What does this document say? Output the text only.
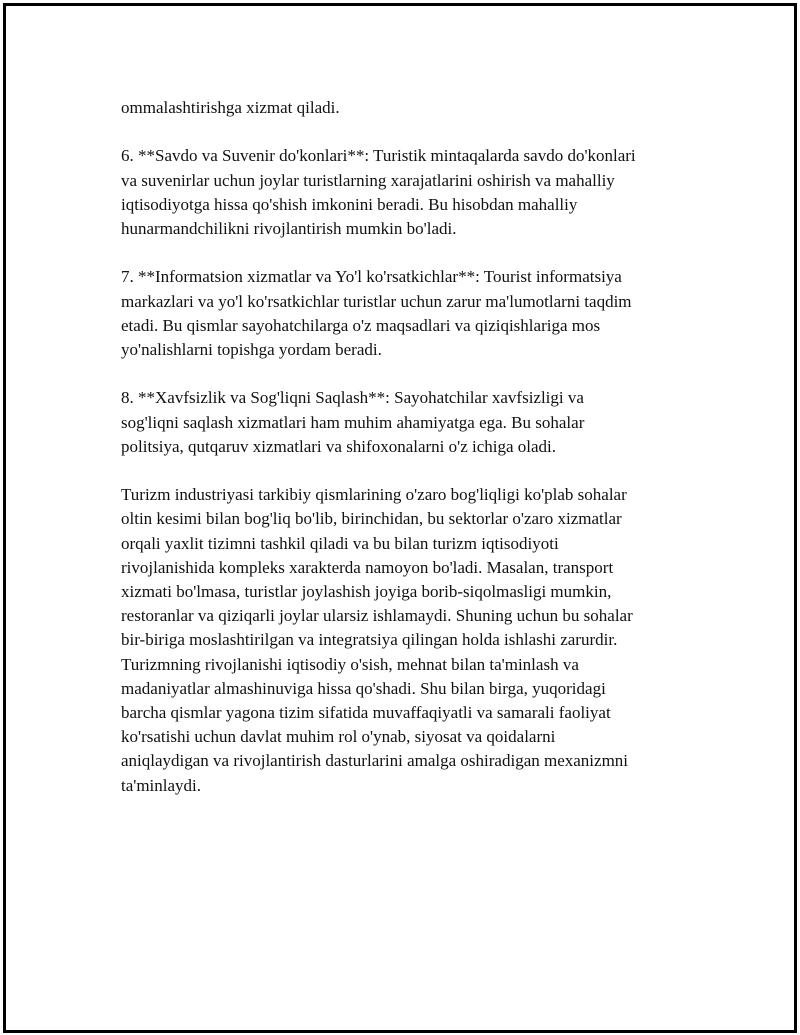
ommalashtirishga xizmat qiladi.

6. **Savdo va Suvenir do'konlari**: Turistik mintaqalarda savdo do'konlari
va suvenirlar uchun joylar turistlarning xarajatlarini oshirish va mahalliy
iqtisodiyotga hissa qo'shish imkonini beradi. Bu hisobdan mahalliy
hunarmandchilikni rivojlantirish mumkin bo'ladi.

7. **Informatsion xizmatlar va Yo'l ko'rsatkichlar**: Tourist informatsiya
markazlari va yo'l ko'rsatkichlar turistlar uchun zarur ma'lumotlarni taqdim
etadi. Bu qismlar sayohatchilarga o'z maqsadlari va qiziqishlariga mos
yo'nalishlarni topishga yordam beradi.

8. **Xavfsizlik va Sog'liqni Saqlash**: Sayohatchilar xavfsizligi va
sog'liqni saqlash xizmatlari ham muhim ahamiyatga ega. Bu sohalar
politsiya, qutqaruv xizmatlari va shifoxonalarni o'z ichiga oladi.

Turizm industriyasi tarkibiy qismlarining o'zaro bog'liqligi ko'plab sohalar
oltin kesimi bilan bog'liq bo'lib, birinchidan, bu sektorlar o'zaro xizmatlar
orqali yaxlit tizimni tashkil qiladi va bu bilan turizm iqtisodiyoti
rivojlanishida kompleks xarakterda namoyon bo'ladi. Masalan, transport
xizmati bo'lmasa, turistlar joylashish joyiga borib-siqolmasligi mumkin,
restoranlar va qiziqarli joylar ularsiz ishlamaydi. Shuning uchun bu sohalar
bir-biriga moslashtirilgan va integratsiya qilingan holda ishlashi zarurdir.
Turizmning rivojlanishi iqtisodiy o'sish, mehnat bilan ta'minlash va
madaniyatlar almashinuviga hissa qo'shadi. Shu bilan birga, yuqoridagi
barcha qismlar yagona tizim sifatida muvaffaqiyatli va samarali faoliyat
ko'rsatishi uchun davlat muhim rol o'ynab, siyosat va qoidalarni
aniqlaydigan va rivojlantirish dasturlarini amalga oshiradigan mexanizmni
ta'minlaydi.
